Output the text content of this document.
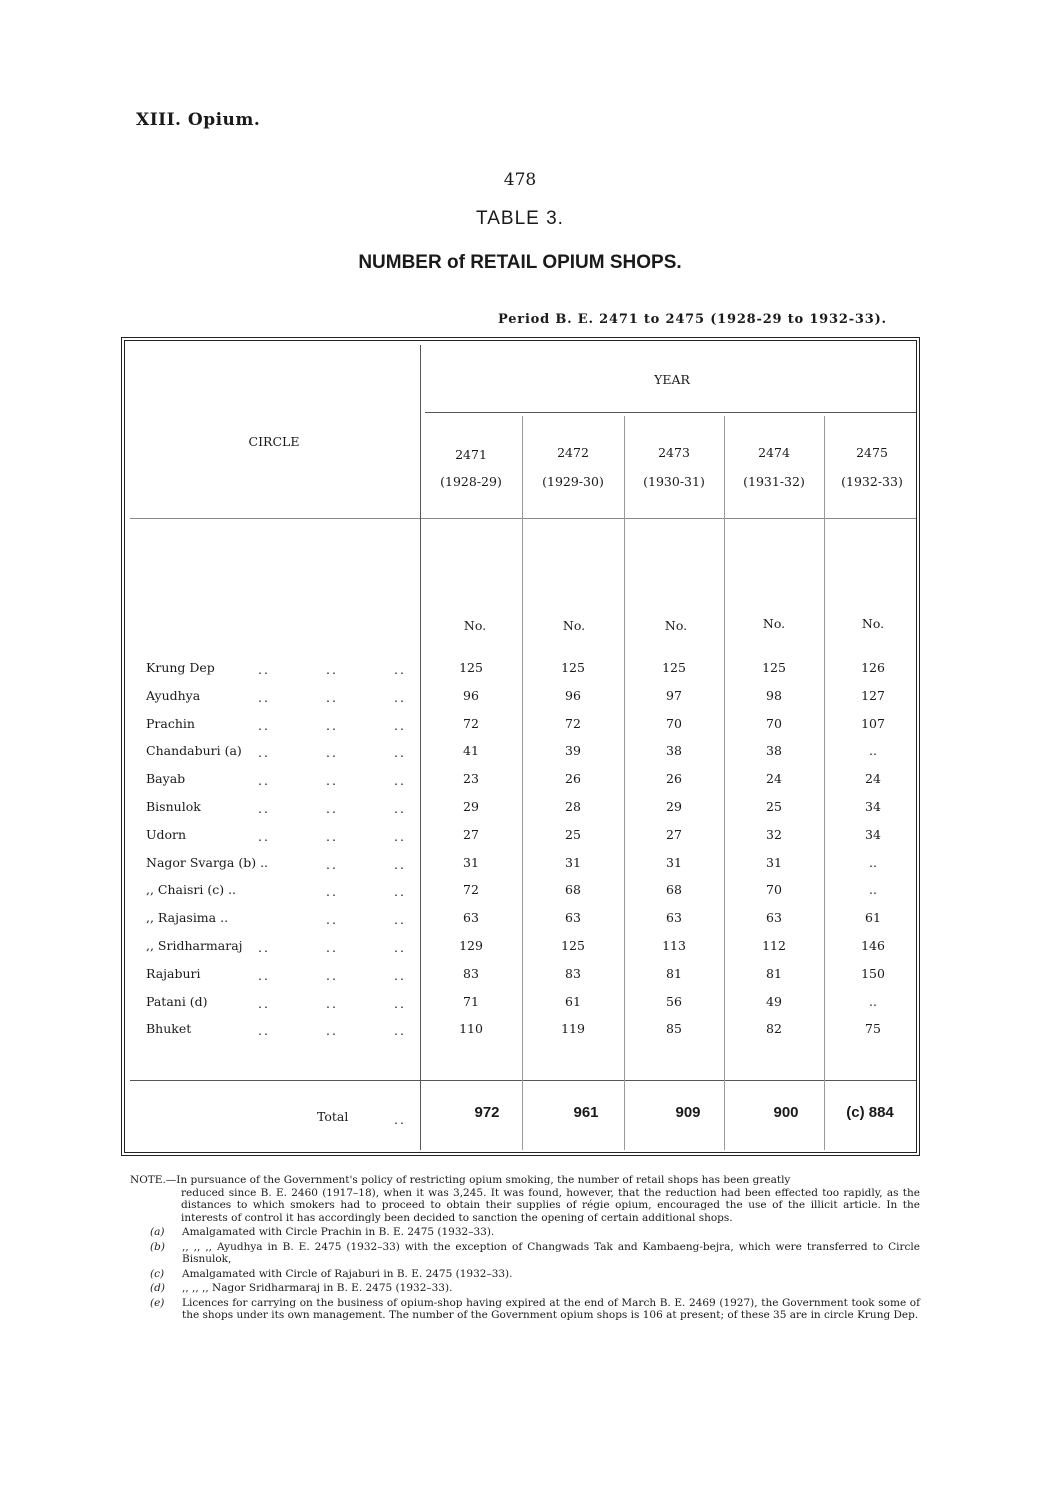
XIII. Opium.
478
TABLE 3.
NUMBER of RETAIL OPIUM SHOPS.
Period B. E. 2471 to 2475 (1928-29 to 1932-33).
YEAR
CIRCLE
2471
(1928-29)
2472
(1929-30)
2473
(1930-31)
2474
(1931-32)
2475
(1932-33)
No.	No.	No.	No.	No.
Krung Dep	..	..	..	125	125	125	125	126
Ayudhya	..	..	..	96	96	97	98	127
Prachin	..	..	..	72	72	70	70	107
Chandaburi (a) ..	..	..	41	39	38	38	..
Bayab	..	..	..	23	26	26	24	24
Bisnulok	..	..	..	29	28	29	25	34
Udorn	..	..	..	27	25	27	32	34
Nagor Svarga (b) ..	..	..	31	31	31	31	..
,, Chaisri (c) ..	..	..	72	68	68	70	..
,, Rajasima ..	..	..	63	63	63	63	61
,, Sridharmaraj ..	..	..	129	125	113	112	146
Rajaburi	..	..	..	83	83	81	81	150
Patani (d)	..	..	..	71	61	56	49	..
Bhuket	..	..	..	110	119	85	82	75
Total	..	972	961	909	900	(c) 884
NOTE.—In pursuance of the Government's policy of restricting opium smoking, the number of retail shops has been greatly
reduced since B. E. 2460 (1917–18), when it was 3,245. It was found, however, that the reduction had been effected too rapidly, as the distances to which smokers had to proceed to obtain their supplies of régie opium, encouraged the use of the illicit article. In the interests of control it has accordingly been decided to sanction the opening of certain additional shops.
(a)	Amalgamated with Circle Prachin in B. E. 2475 (1932–33).
(b)	,, ,, ,, Ayudhya in B. E. 2475 (1932–33) with the exception of Changwads Tak and Kambaeng-bejra, which were transferred to Circle Bisnulok,
(c)	Amalgamated with Circle of Rajaburi in B. E. 2475 (1932–33).
(d)	,, ,, ,, Nagor Sridharmaraj in B. E. 2475 (1932–33).
(e)	Licences for carrying on the business of opium-shop having expired at the end of March B. E. 2469 (1927), the Government took some of the shops under its own management. The number of the Government opium shops is 106 at present; of these 35 are in circle Krung Dep.
